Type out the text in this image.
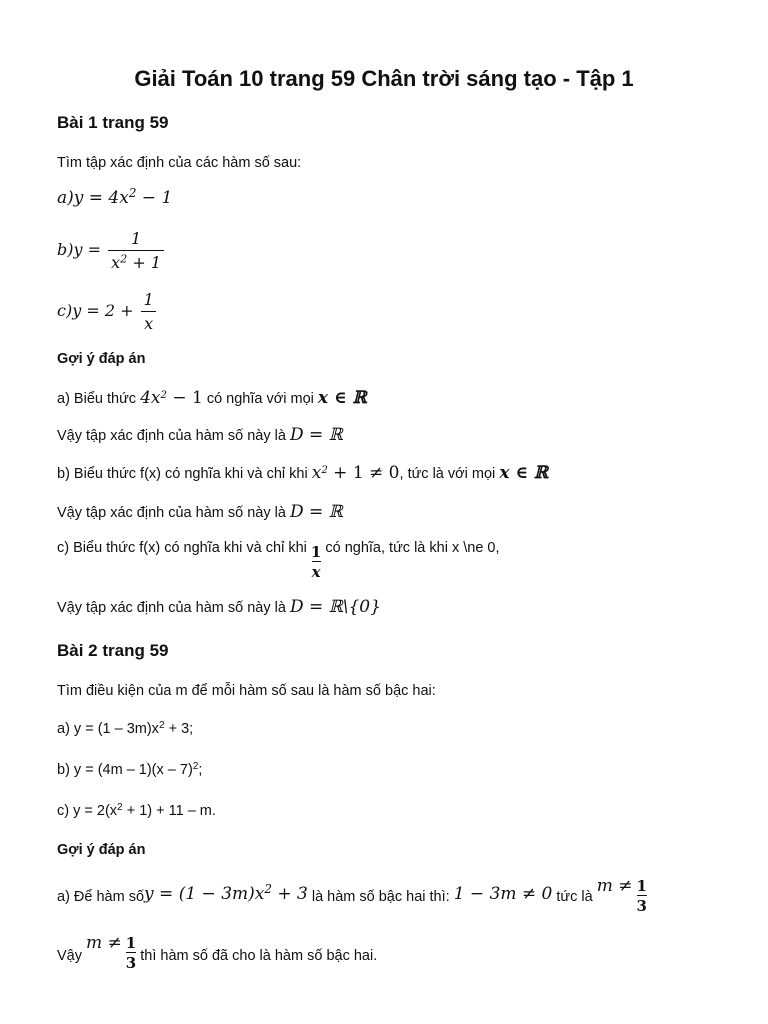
Giải Toán 10 trang 59 Chân trời sáng tạo - Tập 1
Bài 1 trang 59
Tìm tập xác định của các hàm số sau:
$a)y = 4x^2 - 1$
$b)y = \frac{1}{x^2 + 1}$
$c)y = 2 + \frac{1}{x}$
Gợi ý đáp án
a) Biểu thức $4x^2 - 1$ có nghĩa với mọi x ∈ ℝ
Vậy tập xác định của hàm số này là D = ℝ
b) Biểu thức f(x) có nghĩa khi và chỉ khi $x^2 + 1 \ne 0$, tức là với mọi x ∈ ℝ
Vậy tập xác định của hàm số này là D = ℝ
c) Biểu thức f(x) có nghĩa khi và chỉ khi $\frac{1}{x}$ có nghĩa, tức là khi x \ne 0,
Vậy tập xác định của hàm số này là D = ℝ\{0}
Bài 2 trang 59
Tìm điều kiện của m để mỗi hàm số sau là hàm số bậc hai:
a) $y = (1 - 3m)x^2 + 3$;
b) y = (4m – 1)(x – 7)$^2$;
c) $y = 2(x^2 + 1) + 11 - m$.
Gợi ý đáp án
a) Để hàm sốy = $(1 - 3m)x^2 + 3$ là hàm số bậc hai thì: 1 − 3m ≠ 0 tức là $m \ne \frac{1}{3}$
Vậy $m \ne \frac{1}{3}$ thì hàm số đã cho là hàm số bậc hai.
